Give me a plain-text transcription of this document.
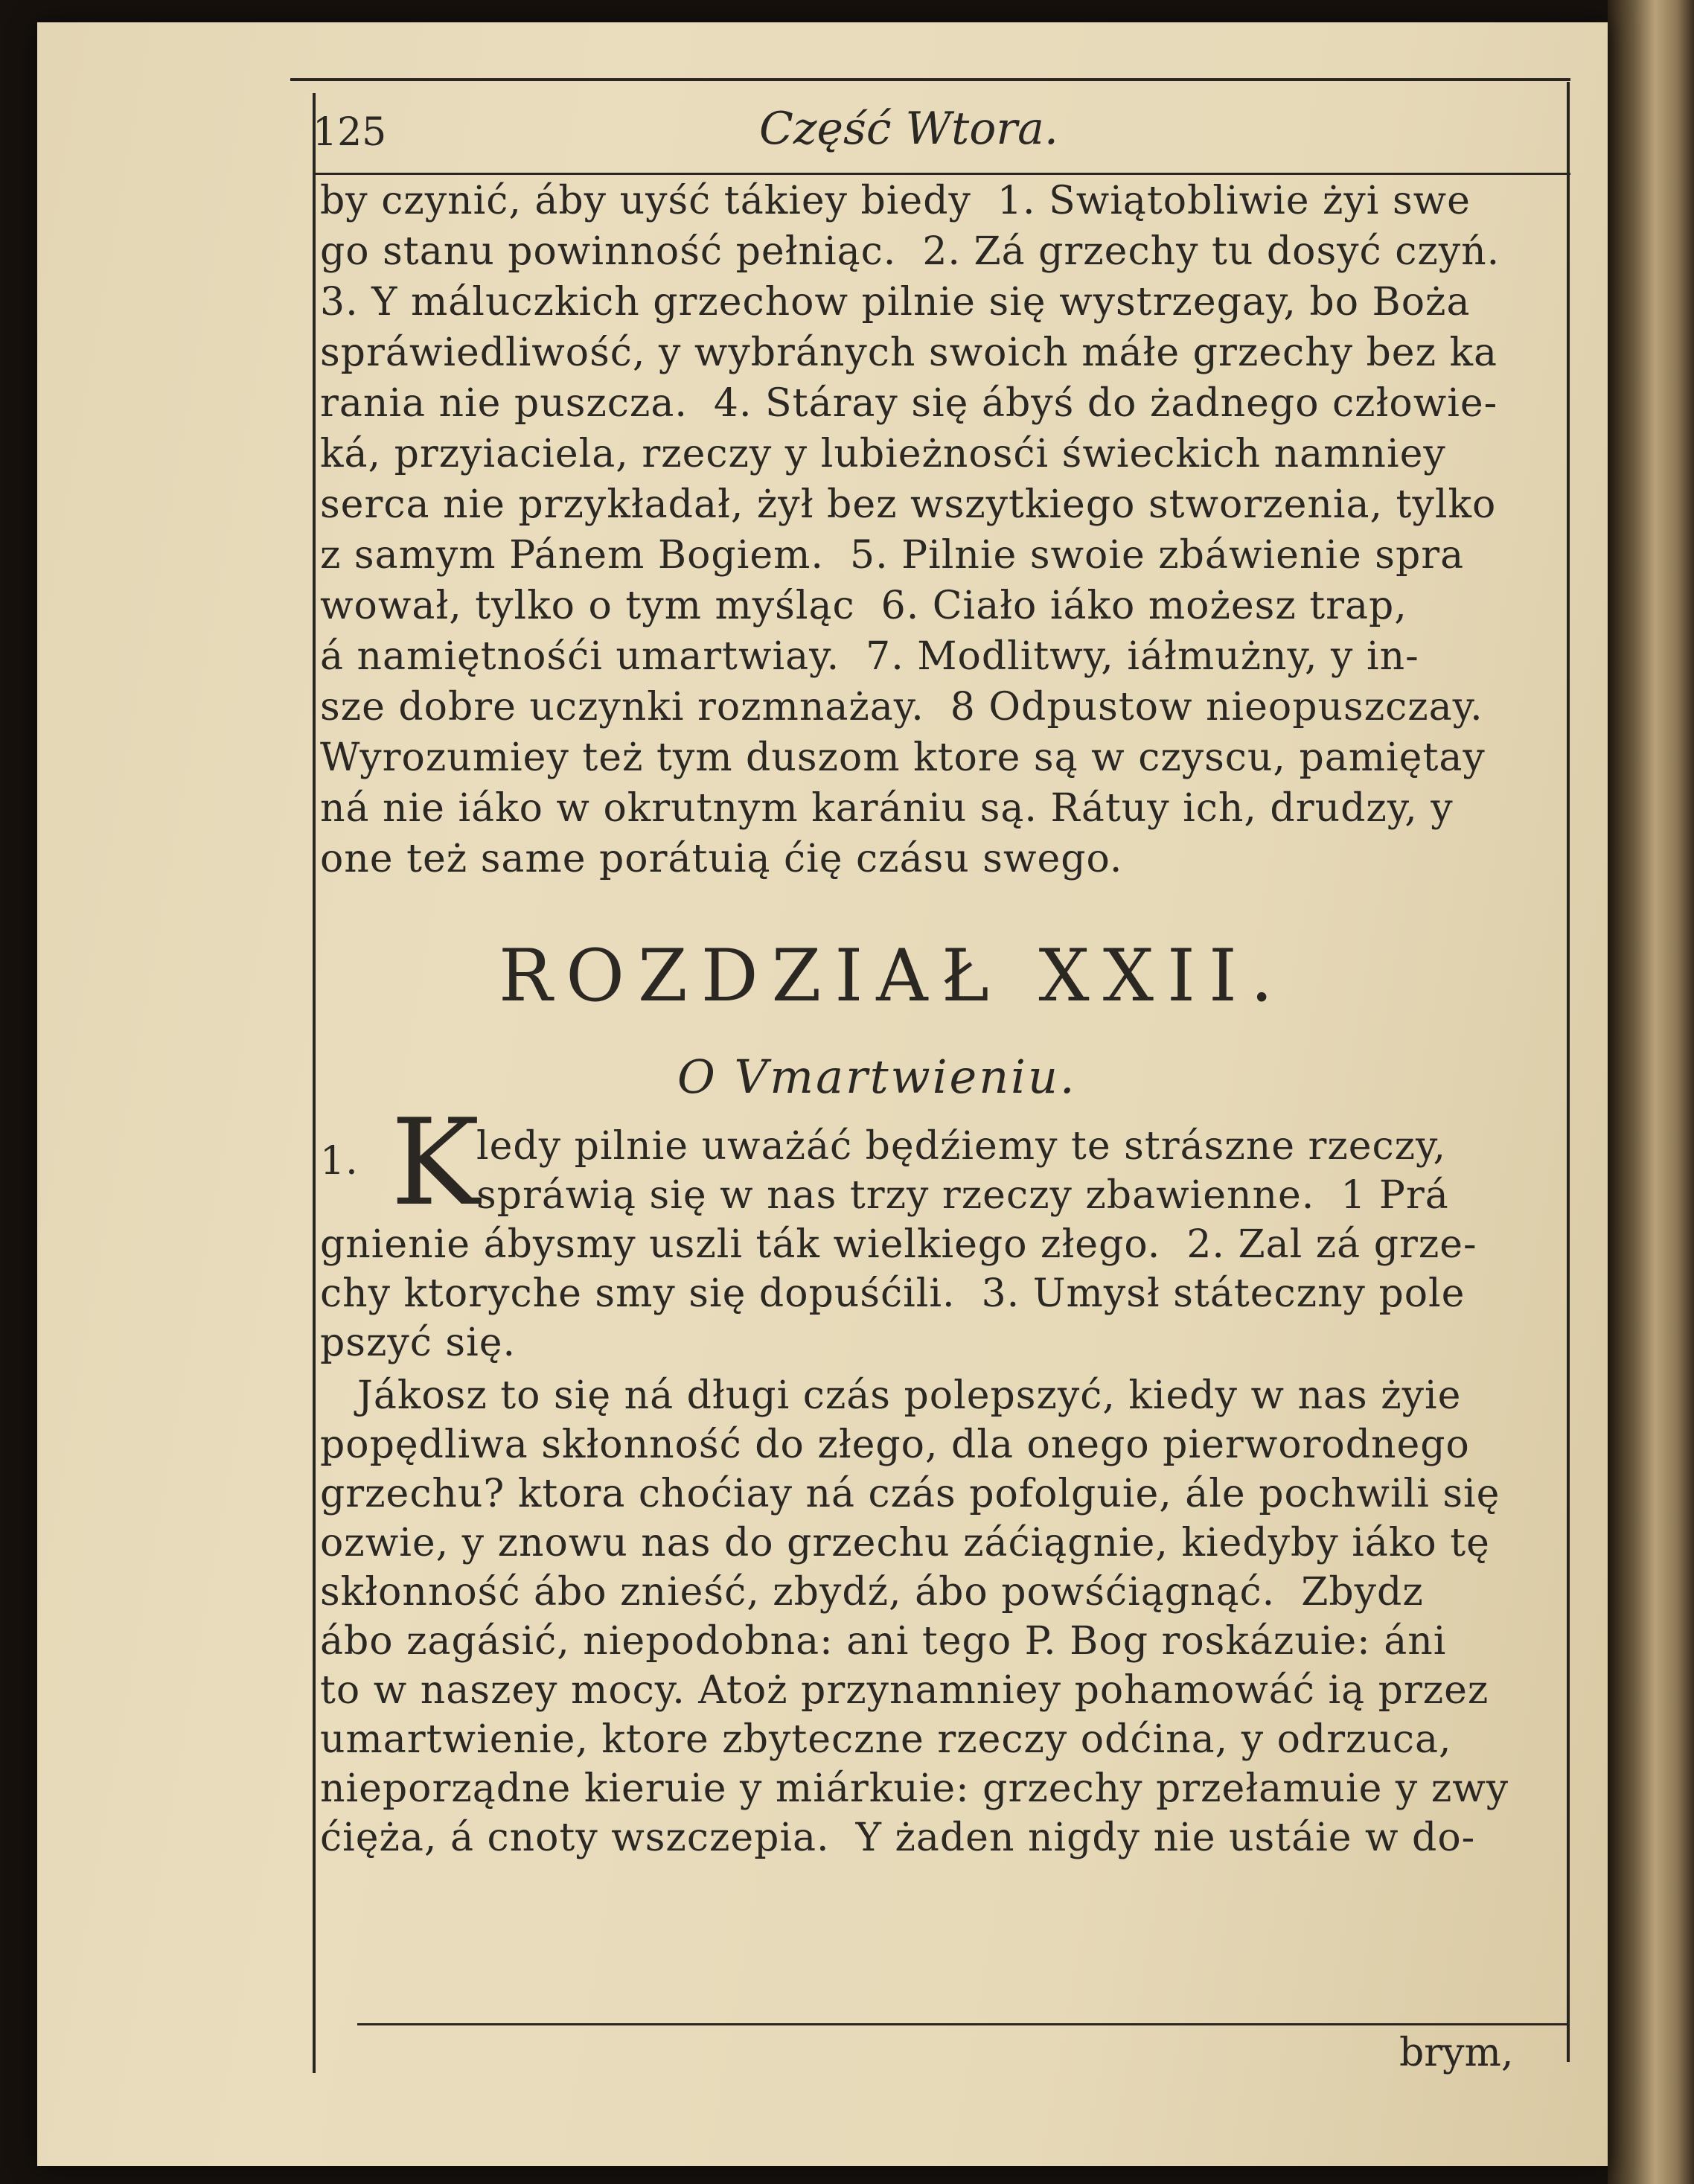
125	Część Wtora.
by czynić, áby uyść tákiey biedy  1. Swiątobliwie żyi swe
go stanu powinność pełniąc.  2. Zá grzechy tu dosyć czyń.
3. Y máluczkich grzechow pilnie się wystrzegay, bo Boża
spráwiedliwość, y wybránych swoich máłe grzechy bez ka
rania nie puszcza.  4. Stáray się ábyś do żadnego człowie-
ká, przyiaciela, rzeczy y lubieżnosći świeckich namniey
serca nie przykładał, żył bez wszytkiego stworzenia, tylko
z samym Pánem Bogiem.  5. Pilnie swoie zbáwienie spra
wował, tylko o tym myśląc  6. Ciało iáko możesz trap,
á namiętnośći umartwiay.  7. Modlitwy, iáłmużny, y in-
sze dobre uczynki rozmnażay.  8 Odpustow nieopuszczay.
Wyrozumiey też tym duszom ktore są w czyscu, pamiętay
ná nie iáko w okrutnym karániu są. Rátuy ich, drudzy, y
one też same porátuią ćię czásu swego.
ROZDZIAŁ XXII.
O Vmartwieniu.
1. K
ledy pilnie uważáć będźiemy te strászne rzeczy,
spráwią się w nas trzy rzeczy zbawienne.  1 Prá
gnienie ábysmy uszli ták wielkiego złego.  2. Zal zá grze-
chy ktoryche smy się dopuśćili.  3. Umysł státeczny pole
pszyć się.
Jákosz to się ná długi czás polepszyć, kiedy w nas żyie
popędliwa skłonność do złego, dla onego pierworodnego
grzechu? ktora choćiay ná czás pofolguie, ále pochwili się
ozwie, y znowu nas do grzechu záćiągnie, kiedyby iáko tę
skłonność ábo znieść, zbydź, ábo powśćiągnąć.  Zbydz
ábo zagásić, niepodobna: ani tego P. Bog roskázuie: áni
to w naszey mocy. Atoż przynamniey pohamowáć ią przez
umartwienie, ktore zbyteczne rzeczy odćina, y odrzuca,
nieporządne kieruie y miárkuie: grzechy przełamuie y zwy
ćięża, á cnoty wszczepia.  Y żaden nigdy nie ustáie w do-
brym,
